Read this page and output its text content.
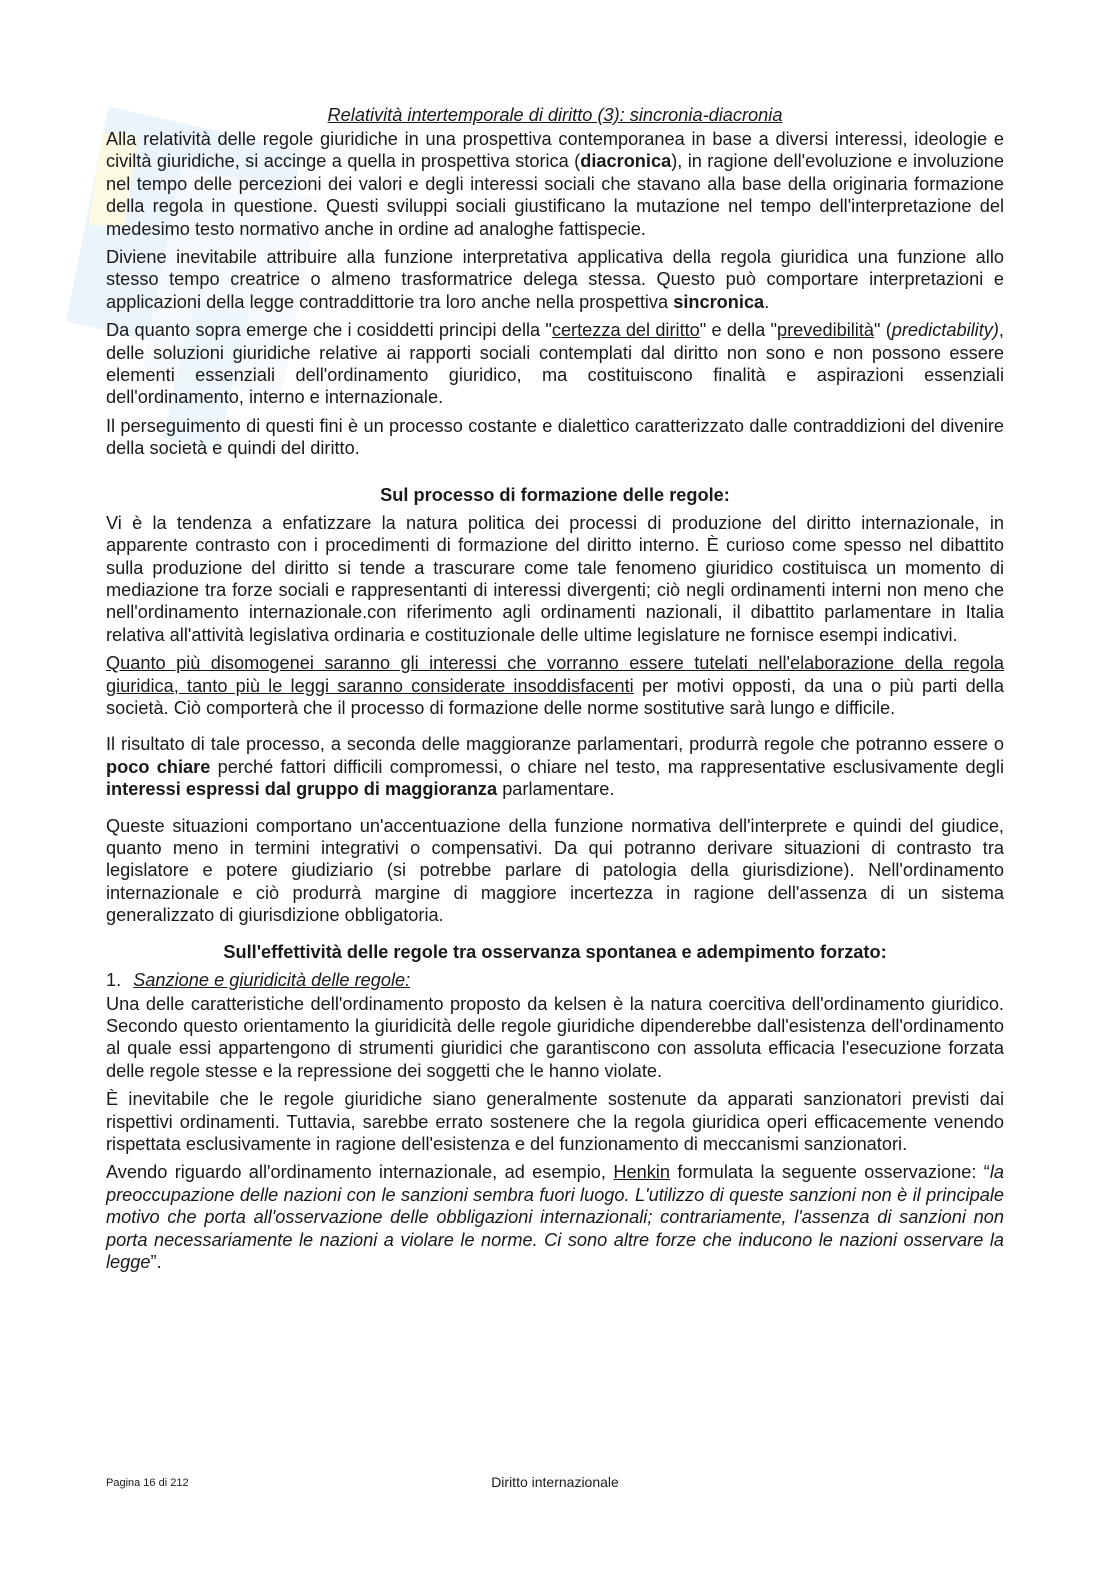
Relatività intertemporale di diritto (3): sincronia-diacronia

Alla relatività delle regole giuridiche in una prospettiva contemporanea in base a diversi interessi, ideologie e civiltà giuridiche, si accinge a quella in prospettiva storica (diacronica), in ragione dell'evoluzione e involuzione nel tempo delle percezioni dei valori e degli interessi sociali che stavano alla base della originaria formazione della regola in questione. Questi sviluppi sociali giustificano la mutazione nel tempo dell'interpretazione del medesimo testo normativo anche in ordine ad analoghe fattispecie.

Diviene inevitabile attribuire alla funzione interpretativa applicativa della regola giuridica una funzione allo stesso tempo creatrice o almeno trasformatrice delega stessa. Questo può comportare interpretazioni e applicazioni della legge contraddittorie tra loro anche nella prospettiva sincronica.

Da quanto sopra emerge che i cosiddetti principi della "certezza del diritto" e della "prevedibilità" (predictability), delle soluzioni giuridiche relative ai rapporti sociali contemplati dal diritto non sono e non possono essere elementi essenziali dell'ordinamento giuridico, ma costituiscono finalità e aspirazioni essenziali dell'ordinamento, interno e internazionale.

Il perseguimento di questi fini è un processo costante e dialettico caratterizzato dalle contraddizioni del divenire della società e quindi del diritto.

Sul processo di formazione delle regole:

Vi è la tendenza a enfatizzare la natura politica dei processi di produzione del diritto internazionale, in apparente contrasto con i procedimenti di formazione del diritto interno. È curioso come spesso nel dibattito sulla produzione del diritto si tende a trascurare come tale fenomeno giuridico costituisca un momento di mediazione tra forze sociali e rappresentanti di interessi divergenti; ciò negli ordinamenti interni non meno che nell'ordinamento internazionale.con riferimento agli ordinamenti nazionali, il dibattito parlamentare in Italia relativa all'attività legislativa ordinaria e costituzionale delle ultime legislature ne fornisce esempi indicativi.

Quanto più disomogenei saranno gli interessi che vorranno essere tutelati nell'elaborazione della regola giuridica, tanto più le leggi saranno considerate insoddisfacenti per motivi opposti, da una o più parti della società. Ciò comporterà che il processo di formazione delle norme sostitutive sarà lungo e difficile.

Il risultato di tale processo, a seconda delle maggioranze parlamentari, produrrà regole che potranno essere o poco chiare perché fattori difficili compromessi, o chiare nel testo, ma rappresentative esclusivamente degli interessi espressi dal gruppo di maggioranza parlamentare.

Queste situazioni comportano un'accentuazione della funzione normativa dell'interprete e quindi del giudice, quanto meno in termini integrativi o compensativi. Da qui potranno derivare situazioni di contrasto tra legislatore e potere giudiziario (si potrebbe parlare di patologia della giurisdizione). Nell'ordinamento internazionale e ciò produrrà margine di maggiore incertezza in ragione dell'assenza di un sistema generalizzato di giurisdizione obbligatoria.

Sull'effettività delle regole tra osservanza spontanea e adempimento forzato:
1. Sanzione e giuridicità delle regole:

Una delle caratteristiche dell'ordinamento proposto da kelsen è la natura coercitiva dell'ordinamento giuridico. Secondo questo orientamento la giuridicità delle regole giuridiche dipenderebbe dall'esistenza dell'ordinamento al quale essi appartengono di strumenti giuridici che garantiscono con assoluta efficacia l'esecuzione forzata delle regole stesse e la repressione dei soggetti che le hanno violate.

È inevitabile che le regole giuridiche siano generalmente sostenute da apparati sanzionatori previsti dai rispettivi ordinamenti. Tuttavia, sarebbe errato sostenere che la regola giuridica operi efficacemente venendo rispettata esclusivamente in ragione dell'esistenza e del funzionamento di meccanismi sanzionatori.

Avendo riguardo all'ordinamento internazionale, ad esempio, Henkin formulata la seguente osservazione: “la preoccupazione delle nazioni con le sanzioni sembra fuori luogo. L'utilizzo di queste sanzioni non è il principale motivo che porta all'osservazione delle obbligazioni internazionali; contrariamente, l'assenza di sanzioni non porta necessariamente le nazioni a violare le norme. Ci sono altre forze che inducono le nazioni osservare la legge”.

Pagina 16 di 212	Diritto internazionale
